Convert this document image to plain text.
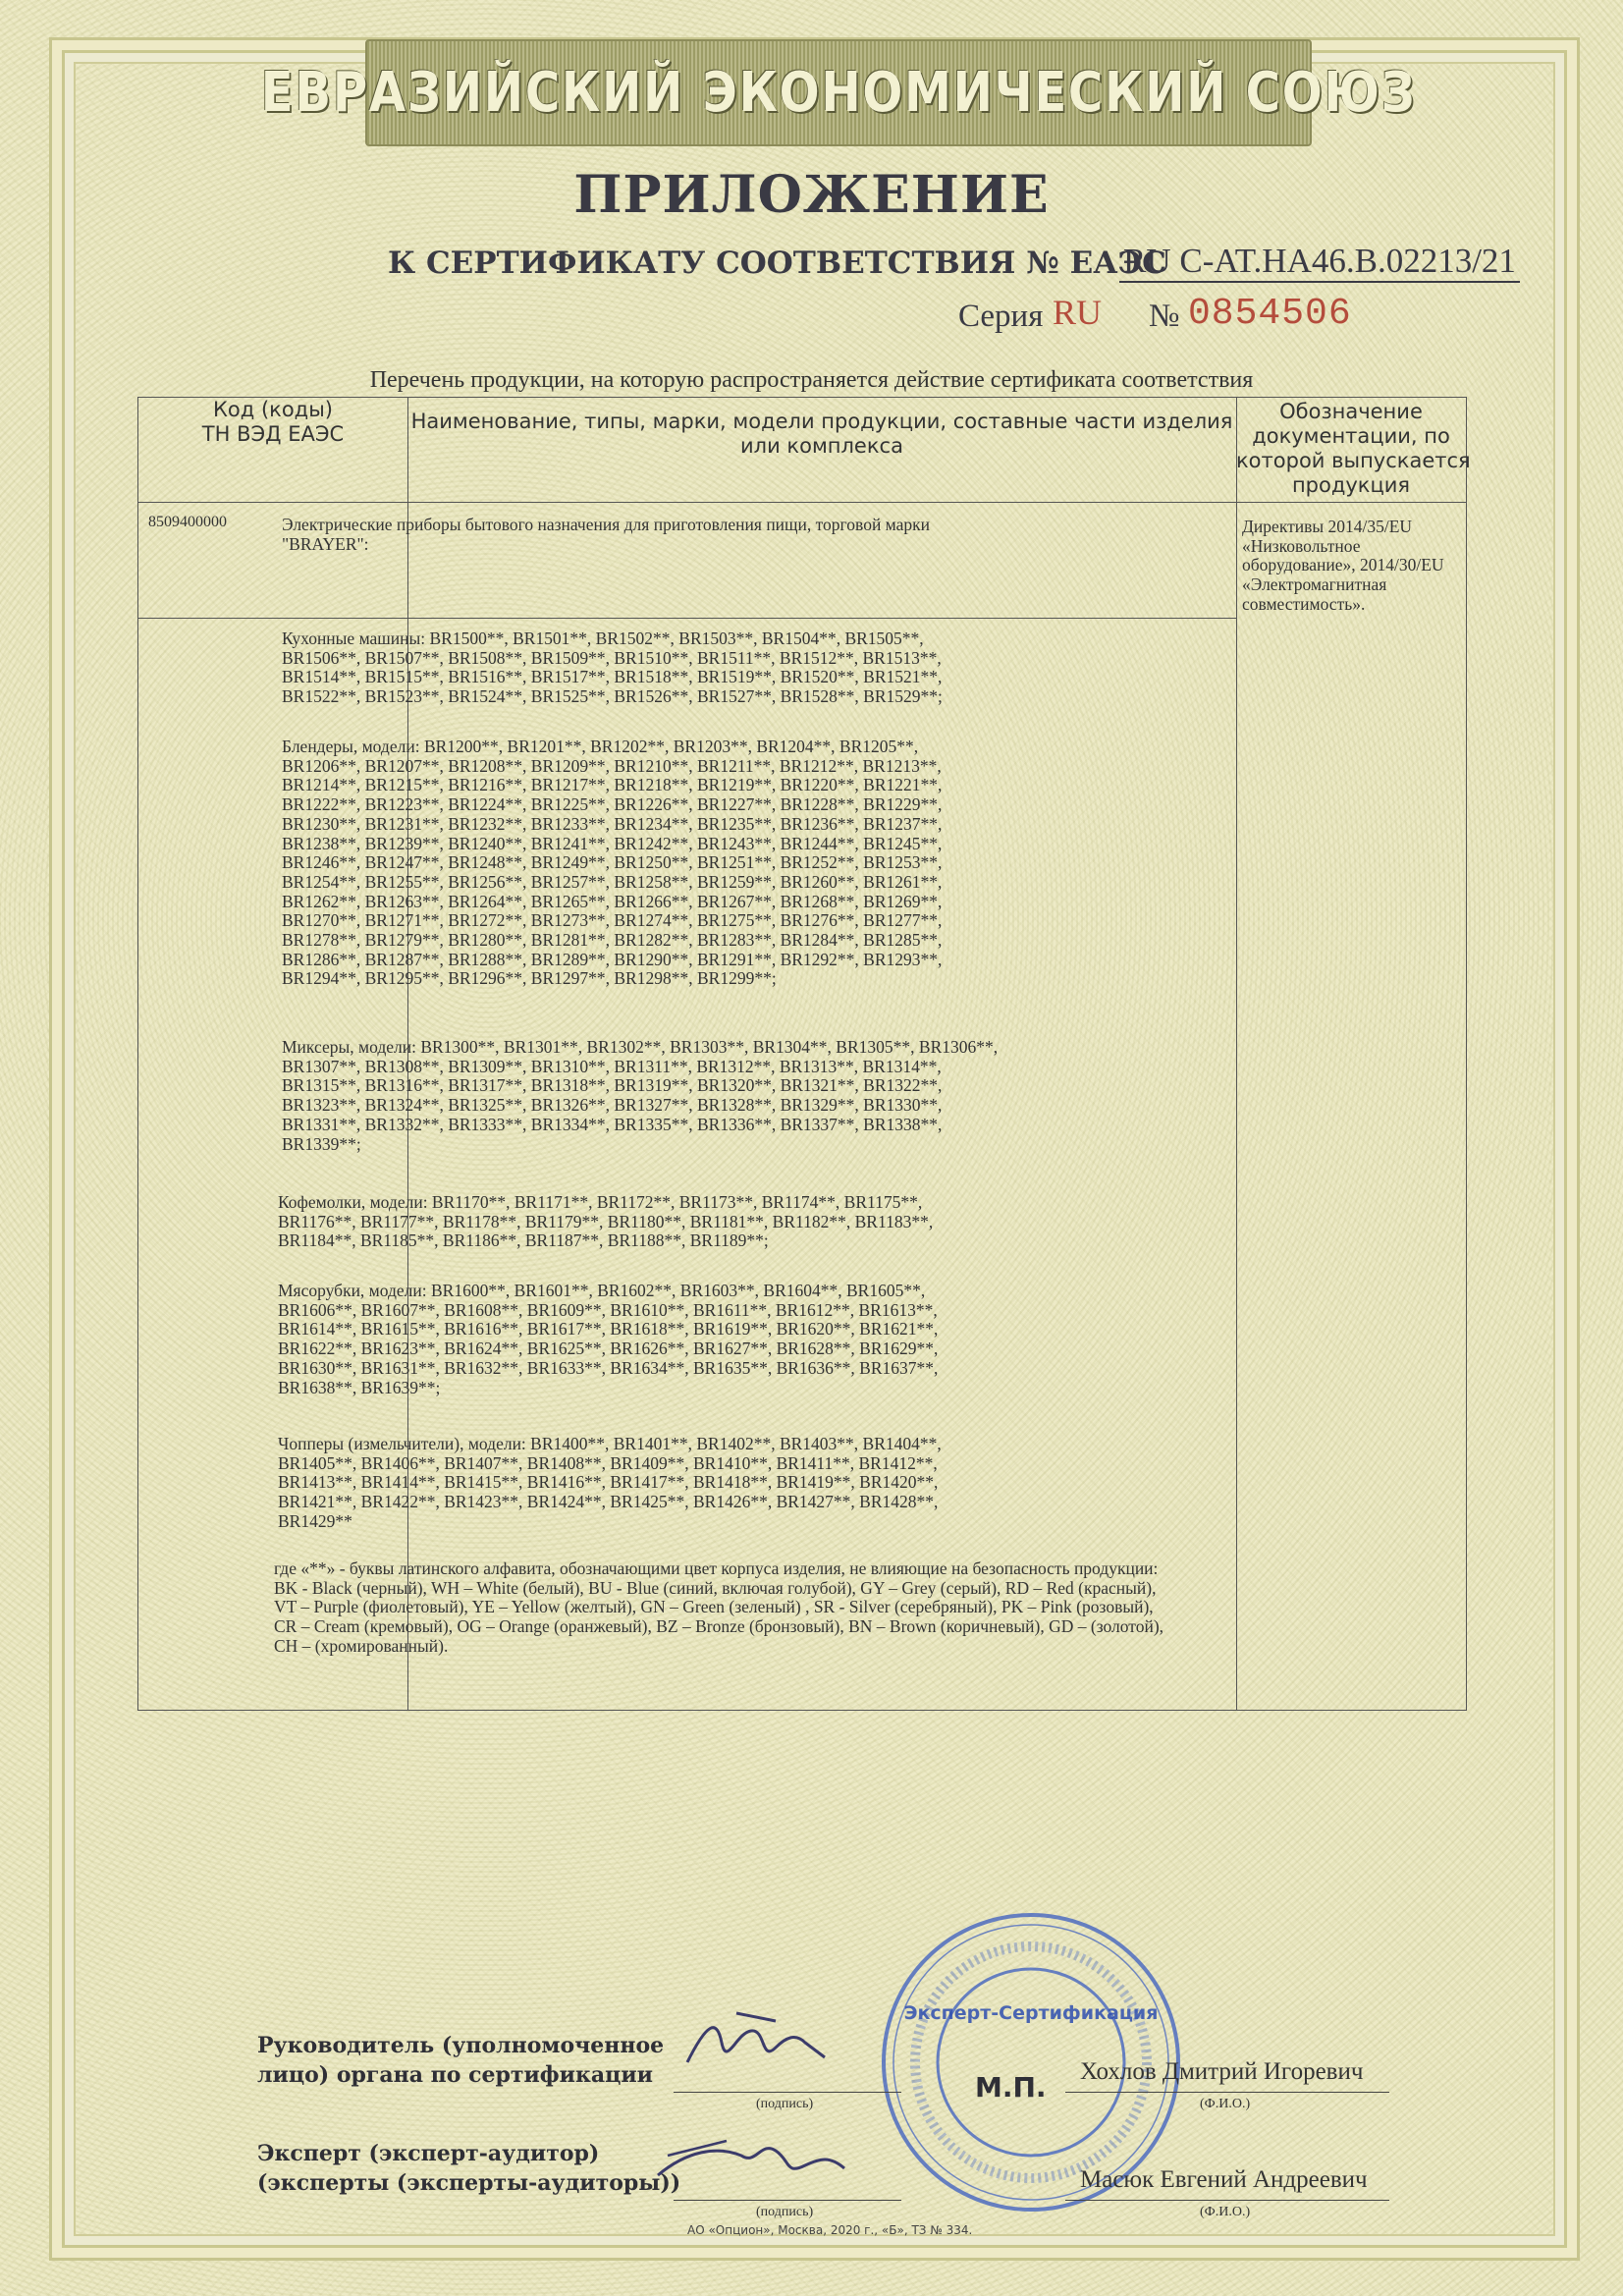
ЕВРАЗИЙСКИЙ ЭКОНОМИЧЕСКИЙ СОЮЗ
ПРИЛОЖЕНИЕ
К СЕРТИФИКАТУ СООТВЕТСТВИЯ № ЕАЭС
RU C-AT.HA46.B.02213/21
Серия RU № 0854506
Перечень продукции, на которую распространяется действие сертификата соответствия
Код (коды)
ТН ВЭД ЕАЭС
Наименование, типы, марки, модели продукции, составные части изделия
или комплекса
Обозначение
документации, по
которой выпускается
продукция
8509400000	Электрические приборы бытового назначения для приготовления пищи, торговой марки
"BRAYER":
Директивы 2014/35/EU
«Низковольтное
оборудование», 2014/30/EU
«Электромагнитная
совместимость».
Кухонные машины: BR1500**, BR1501**, BR1502**, BR1503**, BR1504**, BR1505**,
BR1506**, BR1507**, BR1508**, BR1509**, BR1510**, BR1511**, BR1512**, BR1513**,
BR1514**, BR1515**, BR1516**, BR1517**, BR1518**, BR1519**, BR1520**, BR1521**,
BR1522**, BR1523**, BR1524**, BR1525**, BR1526**, BR1527**, BR1528**, BR1529**;
Блендеры, модели: BR1200**, BR1201**, BR1202**, BR1203**, BR1204**, BR1205**,
BR1206**, BR1207**, BR1208**, BR1209**, BR1210**, BR1211**, BR1212**, BR1213**,
BR1214**, BR1215**, BR1216**, BR1217**, BR1218**, BR1219**, BR1220**, BR1221**,
BR1222**, BR1223**, BR1224**, BR1225**, BR1226**, BR1227**, BR1228**, BR1229**,
BR1230**, BR1231**, BR1232**, BR1233**, BR1234**, BR1235**, BR1236**, BR1237**,
BR1238**, BR1239**, BR1240**, BR1241**, BR1242**, BR1243**, BR1244**, BR1245**,
BR1246**, BR1247**, BR1248**, BR1249**, BR1250**, BR1251**, BR1252**, BR1253**,
BR1254**, BR1255**, BR1256**, BR1257**, BR1258**, BR1259**, BR1260**, BR1261**,
BR1262**, BR1263**, BR1264**, BR1265**, BR1266**, BR1267**, BR1268**, BR1269**,
BR1270**, BR1271**, BR1272**, BR1273**, BR1274**, BR1275**, BR1276**, BR1277**,
BR1278**, BR1279**, BR1280**, BR1281**, BR1282**, BR1283**, BR1284**, BR1285**,
BR1286**, BR1287**, BR1288**, BR1289**, BR1290**, BR1291**, BR1292**, BR1293**,
BR1294**, BR1295**, BR1296**, BR1297**, BR1298**, BR1299**;
Миксеры, модели: BR1300**, BR1301**, BR1302**, BR1303**, BR1304**, BR1305**, BR1306**,
BR1307**, BR1308**, BR1309**, BR1310**, BR1311**, BR1312**, BR1313**, BR1314**,
BR1315**, BR1316**, BR1317**, BR1318**, BR1319**, BR1320**, BR1321**, BR1322**,
BR1323**, BR1324**, BR1325**, BR1326**, BR1327**, BR1328**, BR1329**, BR1330**,
BR1331**, BR1332**, BR1333**, BR1334**, BR1335**, BR1336**, BR1337**, BR1338**,
BR1339**;
Кофемолки, модели: BR1170**, BR1171**, BR1172**, BR1173**, BR1174**, BR1175**,
BR1176**, BR1177**, BR1178**, BR1179**, BR1180**, BR1181**, BR1182**, BR1183**,
BR1184**, BR1185**, BR1186**, BR1187**, BR1188**, BR1189**;
Мясорубки, модели: BR1600**, BR1601**, BR1602**, BR1603**, BR1604**, BR1605**,
BR1606**, BR1607**, BR1608**, BR1609**, BR1610**, BR1611**, BR1612**, BR1613**,
BR1614**, BR1615**, BR1616**, BR1617**, BR1618**, BR1619**, BR1620**, BR1621**,
BR1622**, BR1623**, BR1624**, BR1625**, BR1626**, BR1627**, BR1628**, BR1629**,
BR1630**, BR1631**, BR1632**, BR1633**, BR1634**, BR1635**, BR1636**, BR1637**,
BR1638**, BR1639**;
Чопперы (измельчители), модели: BR1400**, BR1401**, BR1402**, BR1403**, BR1404**,
BR1405**, BR1406**, BR1407**, BR1408**, BR1409**, BR1410**, BR1411**, BR1412**,
BR1413**, BR1414**, BR1415**, BR1416**, BR1417**, BR1418**, BR1419**, BR1420**,
BR1421**, BR1422**, BR1423**, BR1424**, BR1425**, BR1426**, BR1427**, BR1428**,
BR1429**
где «**» - буквы латинского алфавита, обозначающими цвет корпуса изделия, не влияющие на безопасность продукции: BK - Black (черный), WH – White (белый), BU - Blue (синий, включая голубой), GY – Grey (серый), RD – Red (красный), VT – Purple (фиолетовый), YE – Yellow (желтый), GN – Green (зеленый) , SR - Silver (серебряный), PK – Pink (розовый), CR – Cream (кремовый), OG – Orange (оранжевый), BZ – Bronze (бронзовый), BN – Brown (коричневый), GD – (золотой), CH – (хромированный).
Эксперт-Сертификация
Руководитель (уполномоченное
лицо) органа по сертификации
(подпись)
Хохлов Дмитрий Игоревич
(Ф.И.О.)
М.П.
Эксперт (эксперт-аудитор)
(эксперты (эксперты-аудиторы))
(подпись)
Масюк Евгений Андреевич
(Ф.И.О.)
АО «Опцион», Москва, 2020 г., «Б», ТЗ № 334.
